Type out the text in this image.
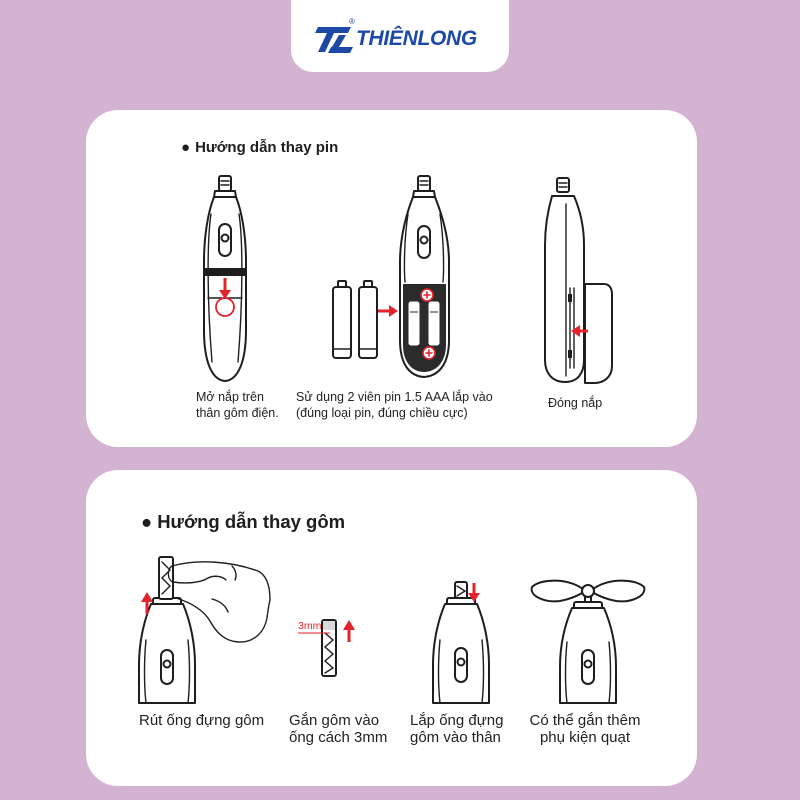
®
THIÊNLONG
● Hướng dẫn thay pin
Mở nắp trên
thân gôm điện.
Sử dụng 2 viên pin 1.5 AAA lắp vào
(đúng loại pin, đúng chiều cực)
Đóng nắp
● Hướng dẫn thay gôm
3mm
Rút ống đựng gôm Gắn gôm vào
ống cách 3mm
Lắp ống đựng
gôm vào thân
Có thể gắn thêm
phụ kiện quạt
